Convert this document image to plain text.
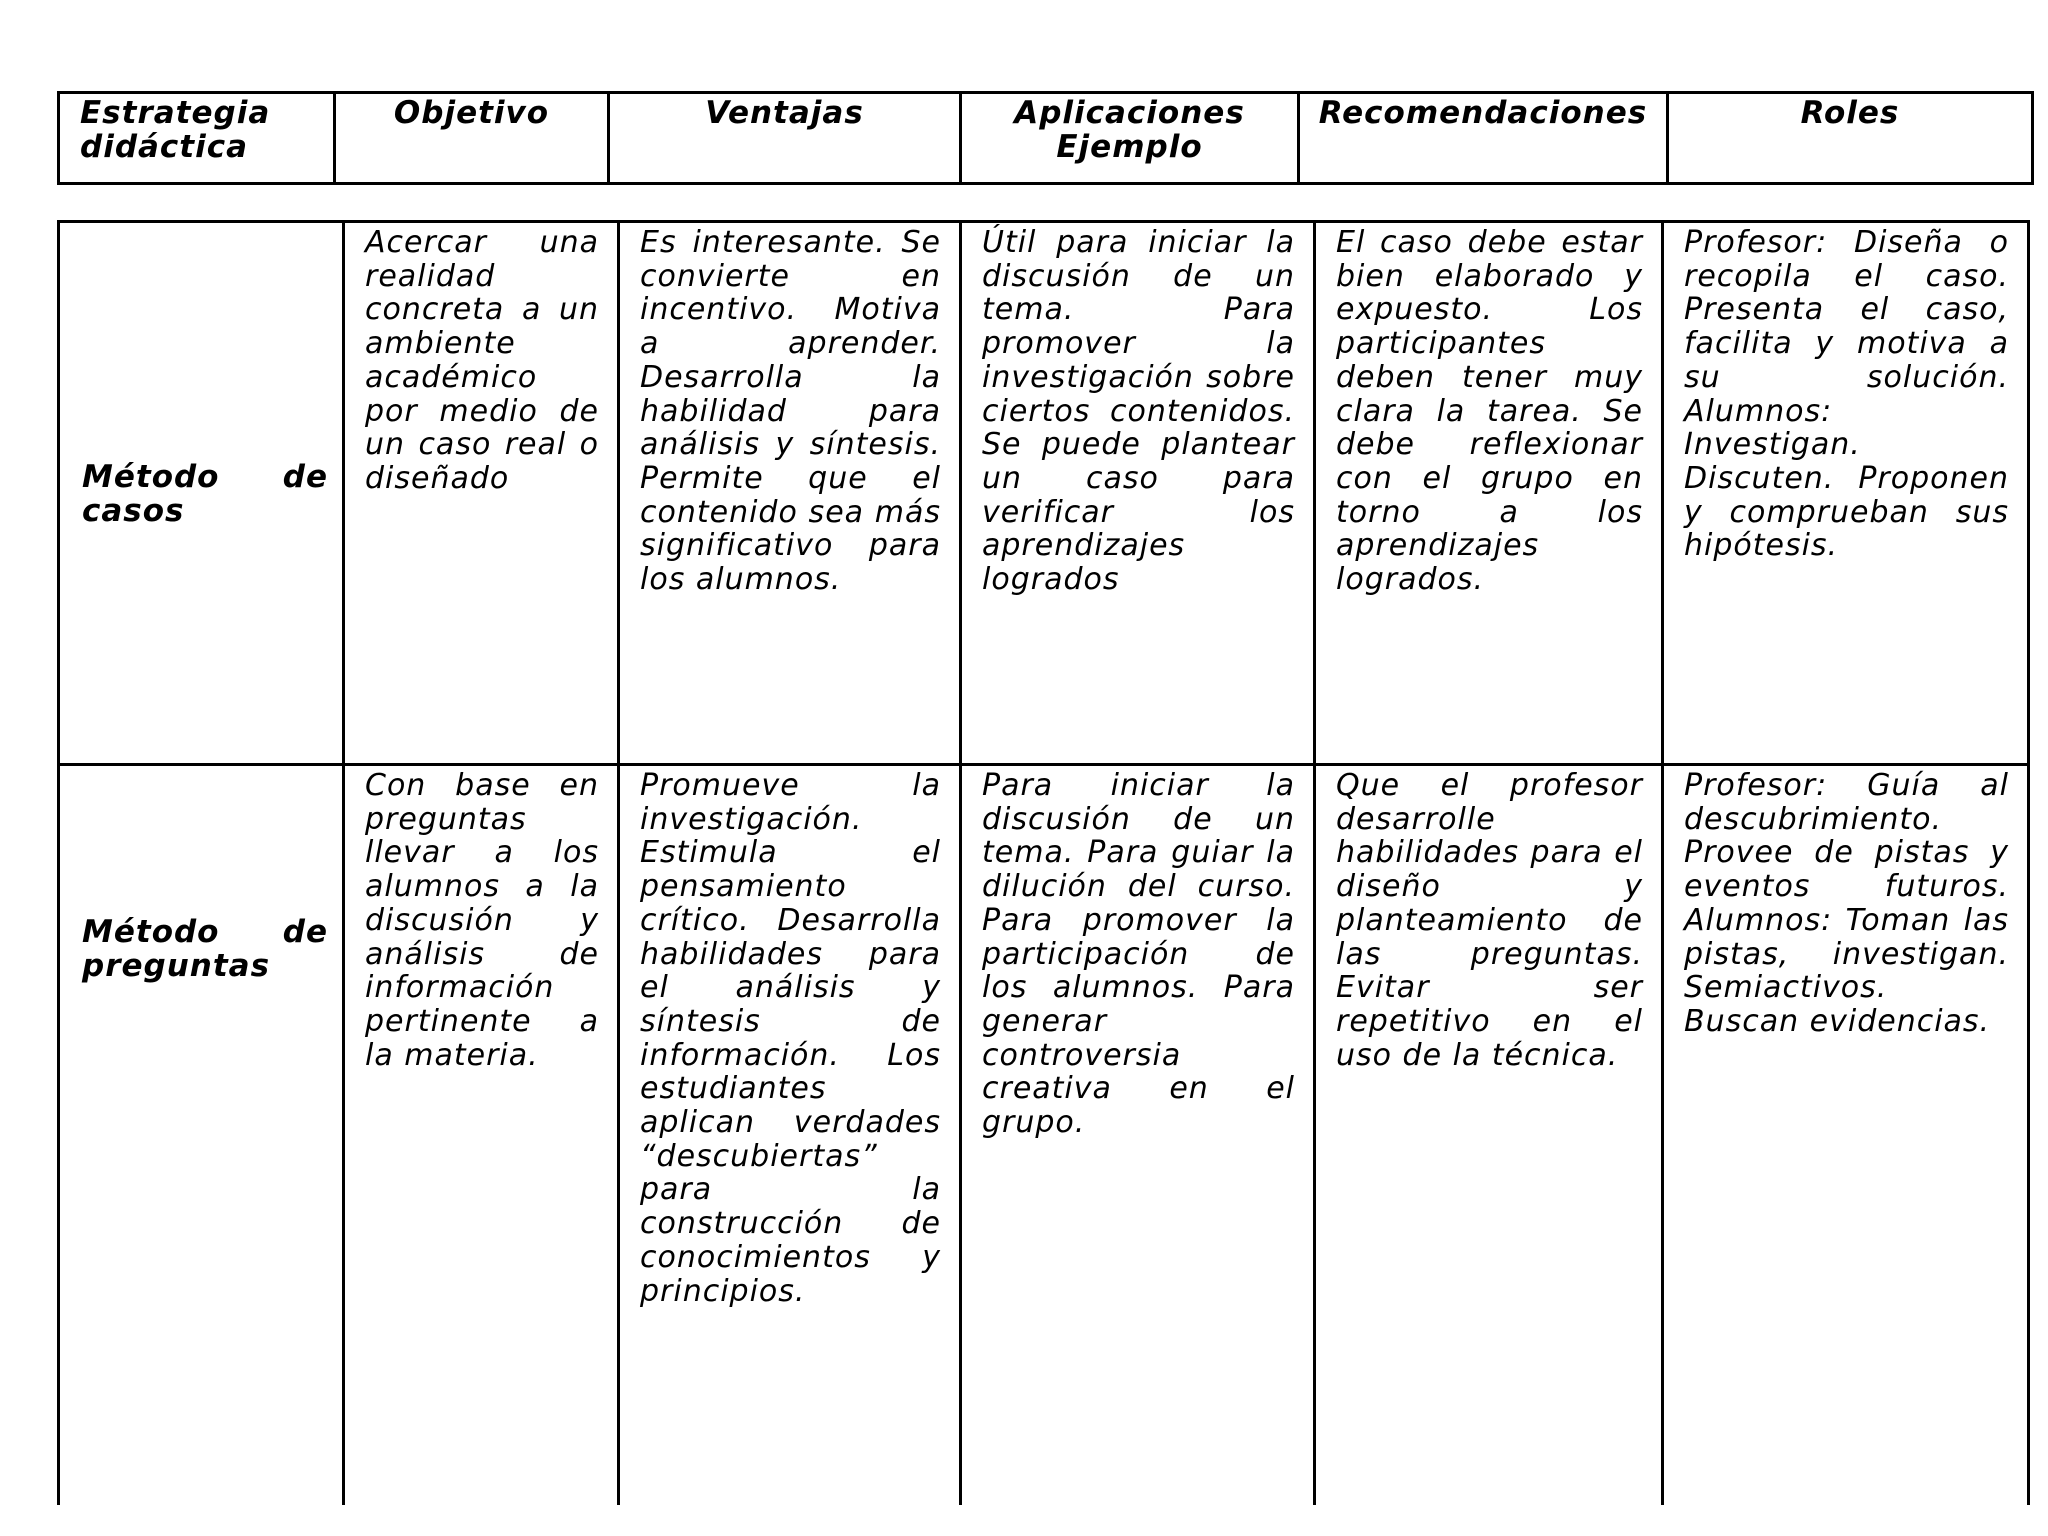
Estrategia didáctica	Objetivo	Ventajas	Aplicaciones Ejemplo	Recomendaciones	Roles
Método de casos	Acercar una realidad concreta a un ambiente académico por medio de un caso real o diseñado	Es interesante. Se convierte en incentivo. Motiva a aprender. Desarrolla la habilidad para análisis y síntesis. Permite que el contenido sea más significativo para los alumnos.	Útil para iniciar la discusión de un tema. Para promover la investigación sobre ciertos contenidos. Se puede plantear un caso para verificar los aprendizajes logrados	El caso debe estar bien elaborado y expuesto. Los participantes deben tener muy clara la tarea. Se debe reflexionar con el grupo en torno a los aprendizajes logrados.	Profesor: Diseña o recopila el caso. Presenta el caso, facilita y motiva a su solución. Alumnos: Investigan. Discuten. Proponen y comprueban sus hipótesis.
Método de preguntas	Con base en preguntas llevar a los alumnos a la discusión y análisis de información pertinente a la materia.	Promueve la investigación. Estimula el pensamiento crítico. Desarrolla habilidades para el análisis y síntesis de información. Los estudiantes aplican verdades “descubiertas” para la construcción de conocimientos y principios.	Para iniciar la discusión de un tema. Para guiar la dilución del curso. Para promover la participación de los alumnos. Para generar controversia creativa en el grupo.	Que el profesor desarrolle habilidades para el diseño y planteamiento de las preguntas. Evitar ser repetitivo en el uso de la técnica.	Profesor: Guía al descubrimiento. Provee de pistas y eventos futuros. Alumnos: Toman las pistas, investigan. Semiactivos. Buscan evidencias.
